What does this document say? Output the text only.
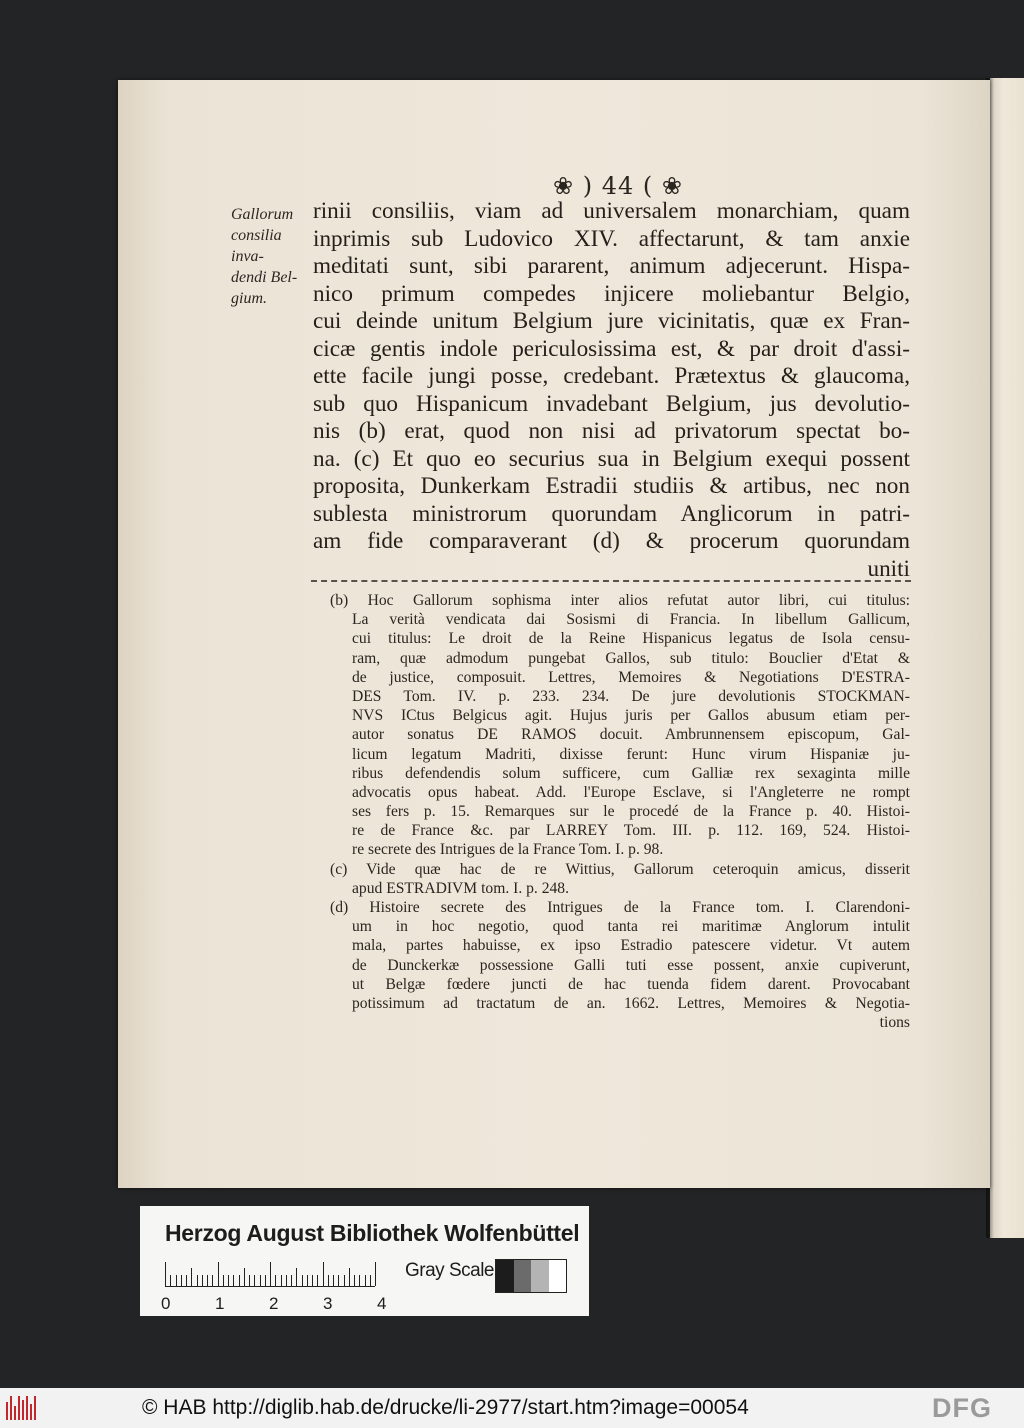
❀ ) 44 ( ❀
Gallorum
consilia
inva-
dendi Bel-
gium.
rinii consiliis, viam ad universalem monarchiam, quam
inprimis sub Ludovico XIV. affectarunt, & tam anxie
meditati sunt, sibi pararent, animum adjecerunt. Hispa-
nico primum compedes injicere moliebantur Belgio,
cui deinde unitum Belgium jure vicinitatis, quæ ex Fran-
cicæ gentis indole periculosissima est, & par droit d'assi-
ette facile jungi posse, credebant. Prætextus & glaucoma,
sub quo Hispanicum invadebant Belgium, jus devolutio-
nis (b) erat, quod non nisi ad privatorum spectat bo-
na. (c) Et quo eo securius sua in Belgium exequi possent
proposita, Dunkerkam Estradii studiis & artibus, nec non
sublesta ministrorum quorundam Anglicorum in patri-
am fide comparaverant (d) & procerum quorundam
uniti
(b) Hoc Gallorum sophisma inter alios refutat autor libri, cui titulus:
La verità vendicata dai Sosismi di Francia. In libellum Gallicum,
cui titulus: Le droit de la Reine Hispanicus legatus de Isola censu-
ram, quæ admodum pungebat Gallos, sub titulo: Bouclier d'Etat &
de justice, composuit. Lettres, Memoires & Negotiations D'ESTRA-
DES Tom. IV. p. 233. 234. De jure devolutionis STOCKMAN-
NVS ICtus Belgicus agit. Hujus juris per Gallos abusum etiam per-
autor sonatus DE RAMOS docuit. Ambrunnensem episcopum, Gal-
licum legatum Madriti, dixisse ferunt: Hunc virum Hispaniæ ju-
ribus defendendis solum sufficere, cum Galliæ rex sexaginta mille
advocatis opus habeat. Add. l'Europe Esclave, si l'Angleterre ne rompt
ses fers p. 15. Remarques sur le procedé de la France p. 40. Histoi-
re de France &c. par LARREY Tom. III. p. 112. 169, 524. Histoi-
re secrete des Intrigues de la France Tom. I. p. 98.
(c) Vide quæ hac de re Wittius, Gallorum ceteroquin amicus, disserit
apud ESTRADIVM tom. I. p. 248.
(d) Histoire secrete des Intrigues de la France tom. I. Clarendoni-
um in hoc negotio, quod tanta rei maritimæ Anglorum intulit
mala, partes habuisse, ex ipso Estradio patescere videtur. Vt autem
de Dunckerkæ possessione Galli tuti esse possent, anxie cupiverunt,
ut Belgæ fœdere juncti de hac tuenda fidem darent. Provocabant
potissimum ad tractatum de an. 1662. Lettres, Memoires & Negotia-
tions
Herzog August Bibliothek Wolfenbüttel
0	1	2	3	4
Gray Scale
© HAB http://diglib.hab.de/drucke/li-2977/start.htm?image=00054	DFG
